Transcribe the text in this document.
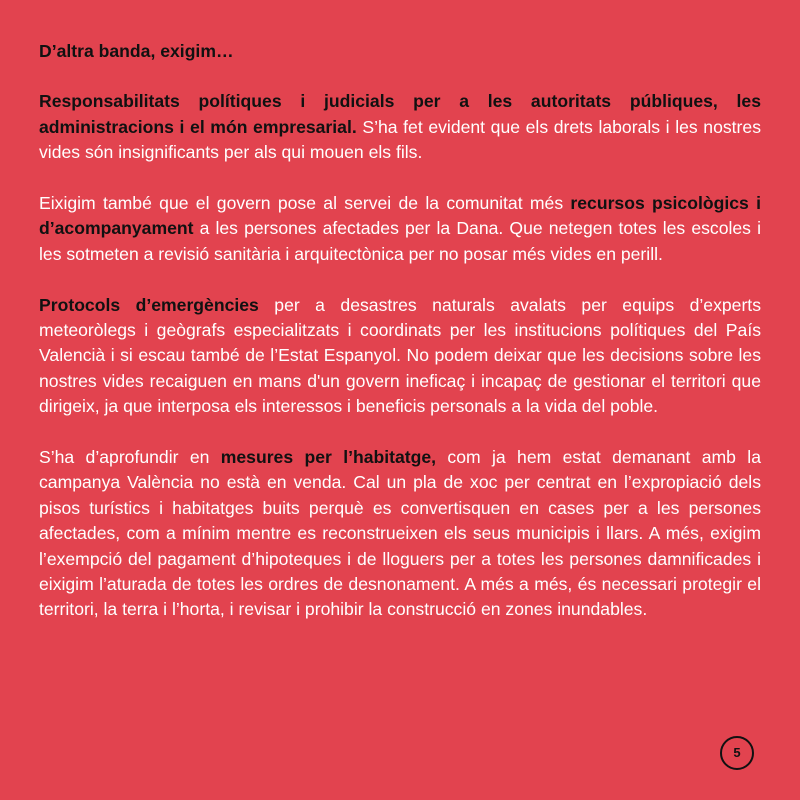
D’altra banda, exigim…

Responsabilitats polítiques i judicials per a les autoritats públiques, les administracions i el món empresarial. S’ha fet evident que els drets laborals i les nostres vides són insignificants per als qui mouen els fils.

Eixigim també que el govern pose al servei de la comunitat més recursos psicològics i d’acompanyament a les persones afectades per la Dana. Que netegen totes les escoles i les sotmeten a revisió sanitària i arquitectònica per no posar més vides en perill.

Protocols d’emergències per a desastres naturals avalats per equips d’experts meteoròlegs i geògrafs especialitzats i coordinats per les institucions polítiques del País Valencià i si escau també de l’Estat Espanyol. No podem deixar que les decisions sobre les nostres vides recaiguen en mans d'un govern ineficaç i incapaç de gestionar el territori que dirigeix, ja que interposa els interessos i beneficis personals a la vida del poble.

S’ha d’aprofundir en mesures per l’habitatge, com ja hem estat demanant amb la campanya València no està en venda. Cal un pla de xoc per centrat en l’expropiació dels pisos turístics i habitatges buits perquè es convertisquen en cases per a les persones afectades, com a mínim mentre es reconstrueixen els seus municipis i llars. A més, exigim l’exempció del pagament d’hipoteques i de lloguers per a totes les persones damnificades i eixigim l’aturada de totes les ordres de desnonament. A més a més, és necessari protegir el territori, la terra i l’horta, i revisar i prohibir la construcció en zones inundables.

5
